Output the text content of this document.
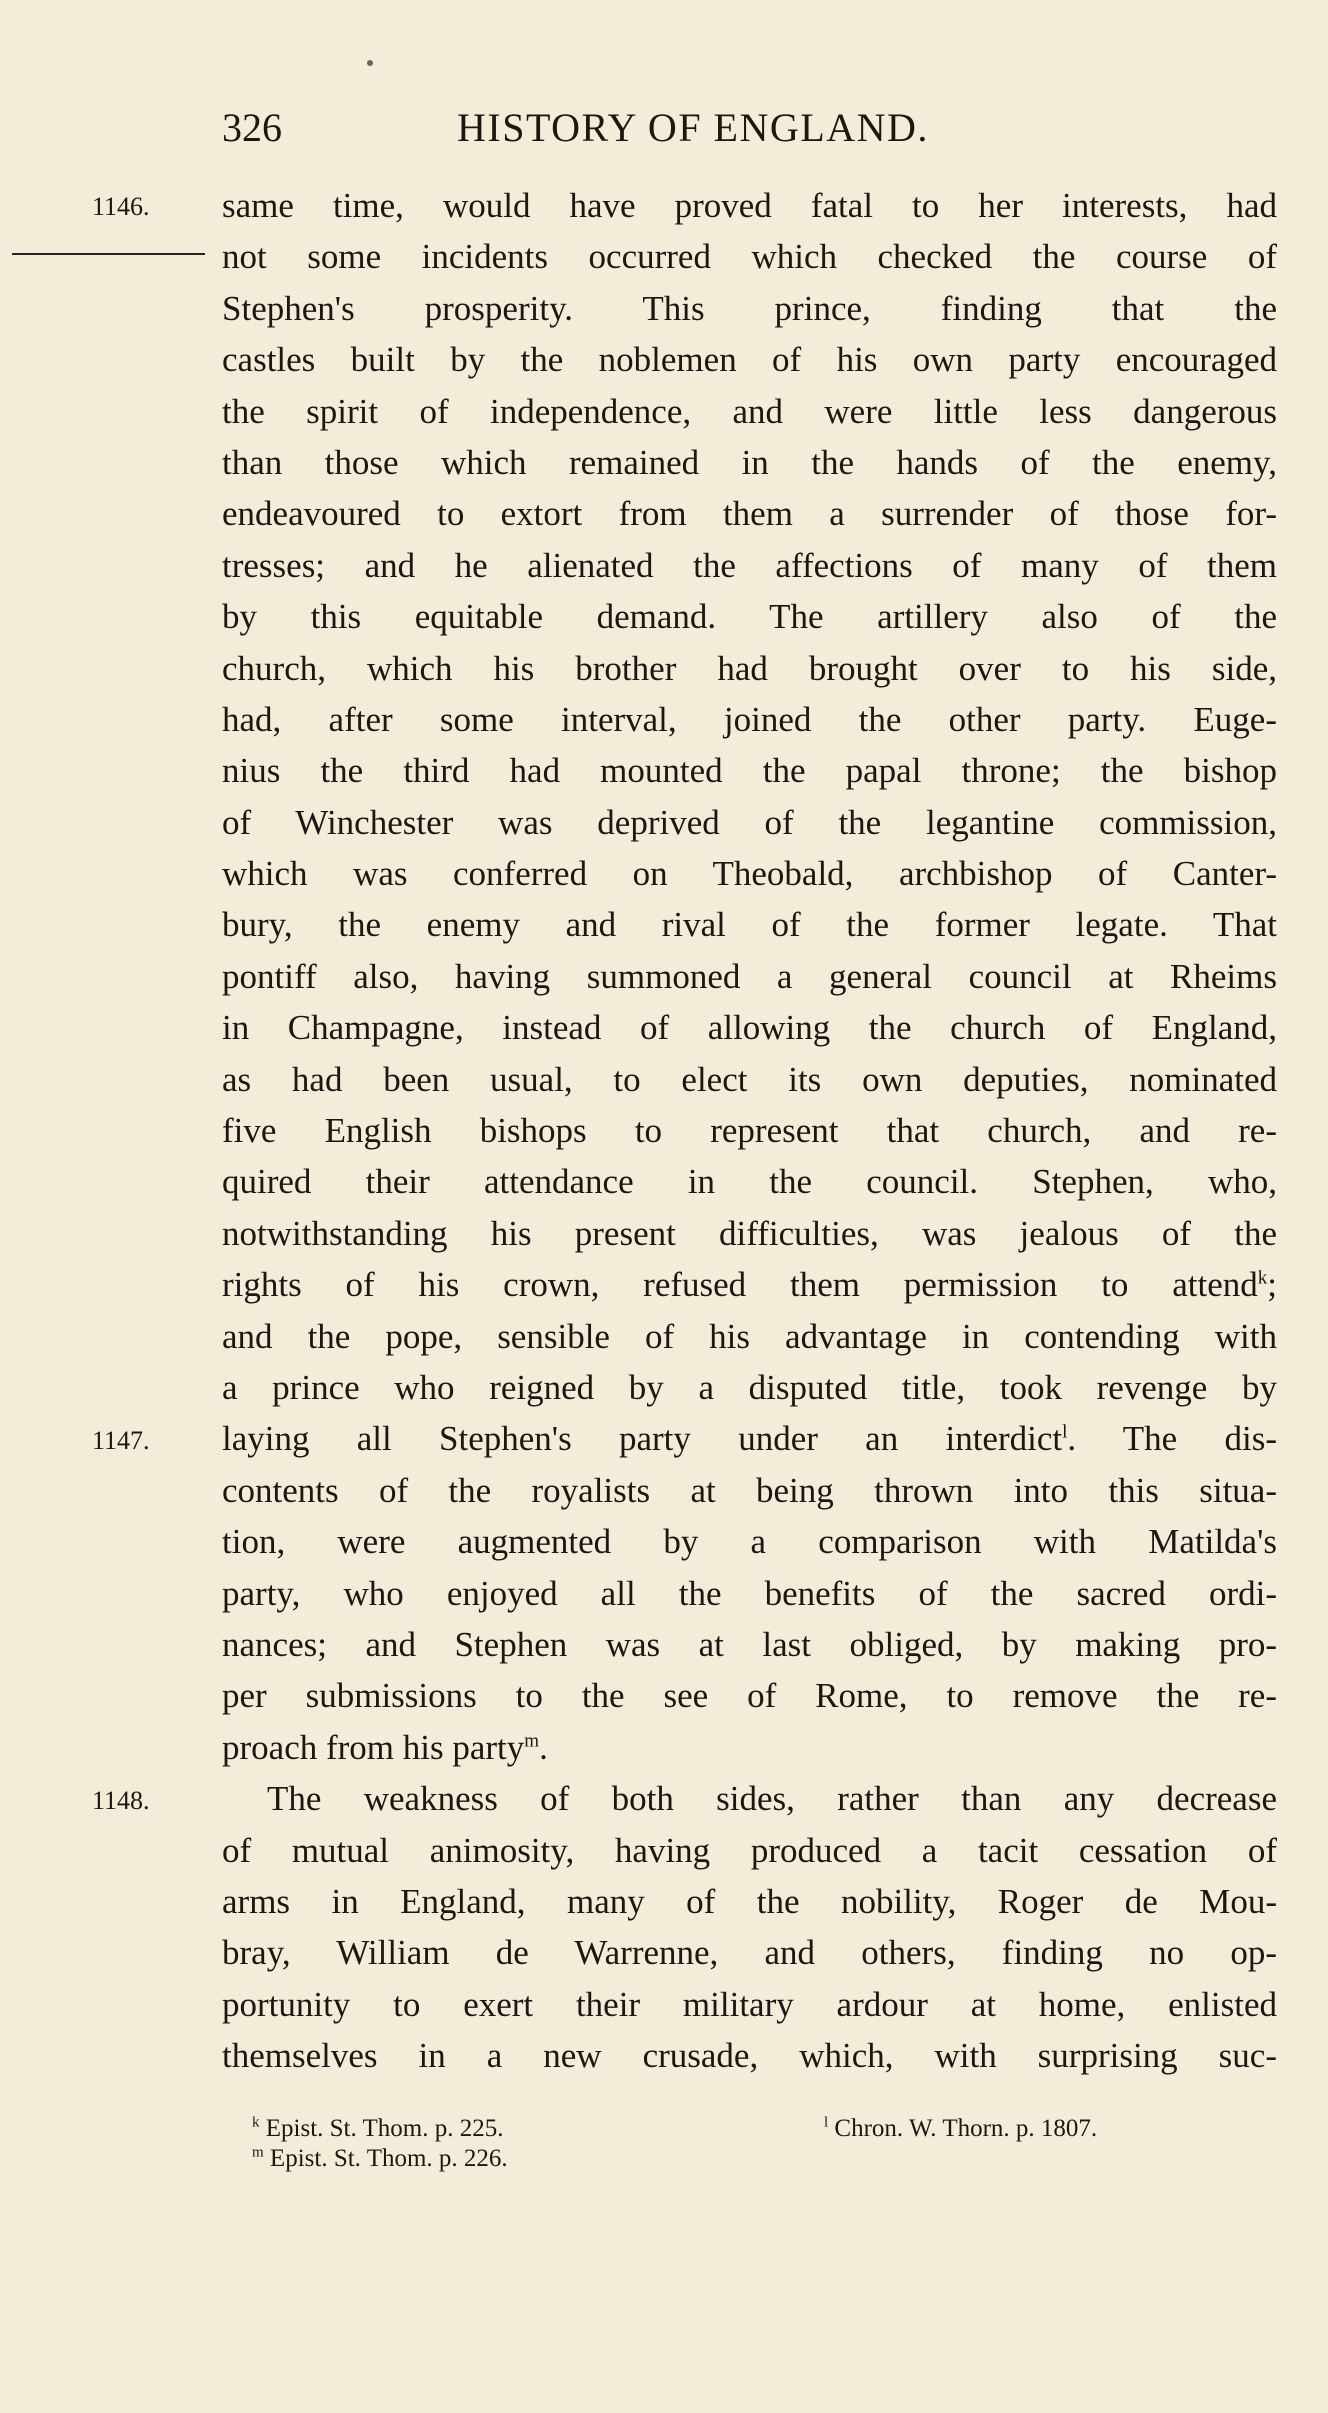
326	HISTORY OF ENGLAND.
1146.
1147.
1148.
same time, would have proved fatal to her interests, had
not some incidents occurred which checked the course of
Stephen's prosperity. This prince, finding that the
castles built by the noblemen of his own party encouraged
the spirit of independence, and were little less dangerous
than those which remained in the hands of the enemy,
endeavoured to extort from them a surrender of those for-
tresses; and he alienated the affections of many of them
by this equitable demand. The artillery also of the
church, which his brother had brought over to his side,
had, after some interval, joined the other party. Euge-
nius the third had mounted the papal throne; the bishop
of Winchester was deprived of the legantine commission,
which was conferred on Theobald, archbishop of Canter-
bury, the enemy and rival of the former legate. That
pontiff also, having summoned a general council at Rheims
in Champagne, instead of allowing the church of England,
as had been usual, to elect its own deputies, nominated
five English bishops to represent that church, and re-
quired their attendance in the council. Stephen, who,
notwithstanding his present difficulties, was jealous of the
rights of his crown, refused them permission to attend$^k$;
and the pope, sensible of his advantage in contending with
a prince who reigned by a disputed title, took revenge by
laying all Stephen's party under an interdict$^l$. The dis-
contents of the royalists at being thrown into this situa-
tion, were augmented by a comparison with Matilda's
party, who enjoyed all the benefits of the sacred ordi-
nances; and Stephen was at last obliged, by making pro-
per submissions to the see of Rome, to remove the re-
proach from his party$^m$.
The weakness of both sides, rather than any decrease
of mutual animosity, having produced a tacit cessation of
arms in England, many of the nobility, Roger de Mou-
bray, William de Warrenne, and others, finding no op-
portunity to exert their military ardour at home, enlisted
themselves in a new crusade, which, with surprising suc-
$^k$ Epist. St. Thom. p. 225.	$^l$ Chron. W. Thorn. p. 1807.
$^m$ Epist. St. Thom. p. 226.
